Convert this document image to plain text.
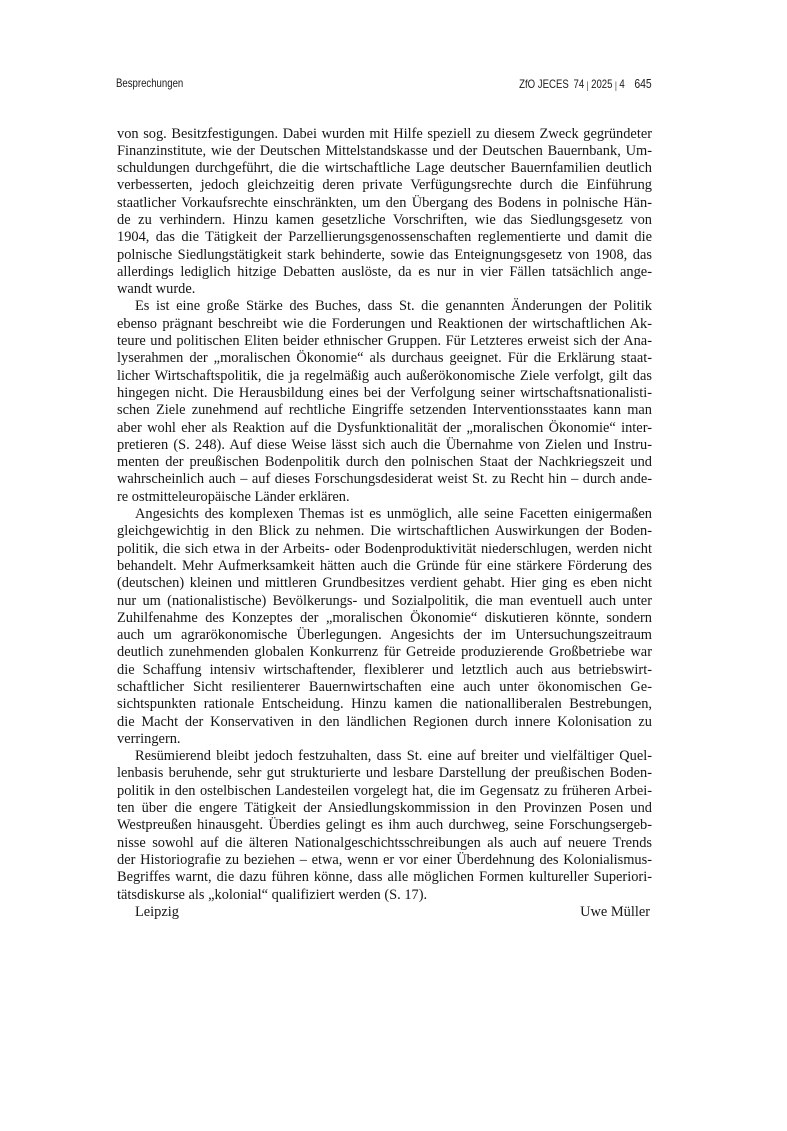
Besprechungen	ZfO JECES 74 | 2025 | 4 645
von sog. Besitzfestigungen. Dabei wurden mit Hilfe speziell zu diesem Zweck gegründeter
Finanzinstitute, wie der Deutschen Mittelstandskasse und der Deutschen Bauernbank, Um-
schuldungen durchgeführt, die die wirtschaftliche Lage deutscher Bauernfamilien deutlich
verbesserten, jedoch gleichzeitig deren private Verfügungsrechte durch die Einführung
staatlicher Vorkaufsrechte einschränkten, um den Übergang des Bodens in polnische Hän-
de zu verhindern. Hinzu kamen gesetzliche Vorschriften, wie das Siedlungsgesetz von
1904, das die Tätigkeit der Parzellierungsgenossenschaften reglementierte und damit die
polnische Siedlungstätigkeit stark behinderte, sowie das Enteignungsgesetz von 1908, das
allerdings lediglich hitzige Debatten auslöste, da es nur in vier Fällen tatsächlich ange-
wandt wurde.
Es ist eine große Stärke des Buches, dass St. die genannten Änderungen der Politik
ebenso prägnant beschreibt wie die Forderungen und Reaktionen der wirtschaftlichen Ak-
teure und politischen Eliten beider ethnischer Gruppen. Für Letzteres erweist sich der Ana-
lyserahmen der „moralischen Ökonomie“ als durchaus geeignet. Für die Erklärung staat-
licher Wirtschaftspolitik, die ja regelmäßig auch außerökonomische Ziele verfolgt, gilt das
hingegen nicht. Die Herausbildung eines bei der Verfolgung seiner wirtschaftsnationalisti-
schen Ziele zunehmend auf rechtliche Eingriffe setzenden Interventionsstaates kann man
aber wohl eher als Reaktion auf die Dysfunktionalität der „moralischen Ökonomie“ inter-
pretieren (S. 248). Auf diese Weise lässt sich auch die Übernahme von Zielen und Instru-
menten der preußischen Bodenpolitik durch den polnischen Staat der Nachkriegszeit und
wahrscheinlich auch – auf dieses Forschungsdesiderat weist St. zu Recht hin – durch ande-
re ostmitteleuropäische Länder erklären.
Angesichts des komplexen Themas ist es unmöglich, alle seine Facetten einigermaßen
gleichgewichtig in den Blick zu nehmen. Die wirtschaftlichen Auswirkungen der Boden-
politik, die sich etwa in der Arbeits- oder Bodenproduktivität niederschlugen, werden nicht
behandelt. Mehr Aufmerksamkeit hätten auch die Gründe für eine stärkere Förderung des
(deutschen) kleinen und mittleren Grundbesitzes verdient gehabt. Hier ging es eben nicht
nur um (nationalistische) Bevölkerungs- und Sozialpolitik, die man eventuell auch unter
Zuhilfenahme des Konzeptes der „moralischen Ökonomie“ diskutieren könnte, sondern
auch um agrarökonomische Überlegungen. Angesichts der im Untersuchungszeitraum
deutlich zunehmenden globalen Konkurrenz für Getreide produzierende Großbetriebe war
die Schaffung intensiv wirtschaftender, flexiblerer und letztlich auch aus betriebswirt-
schaftlicher Sicht resilienterer Bauernwirtschaften eine auch unter ökonomischen Ge-
sichtspunkten rationale Entscheidung. Hinzu kamen die nationalliberalen Bestrebungen,
die Macht der Konservativen in den ländlichen Regionen durch innere Kolonisation zu
verringern.
Resümierend bleibt jedoch festzuhalten, dass St. eine auf breiter und vielfältiger Quel-
lenbasis beruhende, sehr gut strukturierte und lesbare Darstellung der preußischen Boden-
politik in den ostelbischen Landesteilen vorgelegt hat, die im Gegensatz zu früheren Arbei-
ten über die engere Tätigkeit der Ansiedlungskommission in den Provinzen Posen und
Westpreußen hinausgeht. Überdies gelingt es ihm auch durchweg, seine Forschungsergeb-
nisse sowohl auf die älteren Nationalgeschichtsschreibungen als auch auf neuere Trends
der Historiografie zu beziehen – etwa, wenn er vor einer Überdehnung des Kolonialismus-
Begriffes warnt, die dazu führen könne, dass alle möglichen Formen kultureller Superiori-
tätsdiskurse als „kolonial“ qualifiziert werden (S. 17).
Leipzig	Uwe Müller
